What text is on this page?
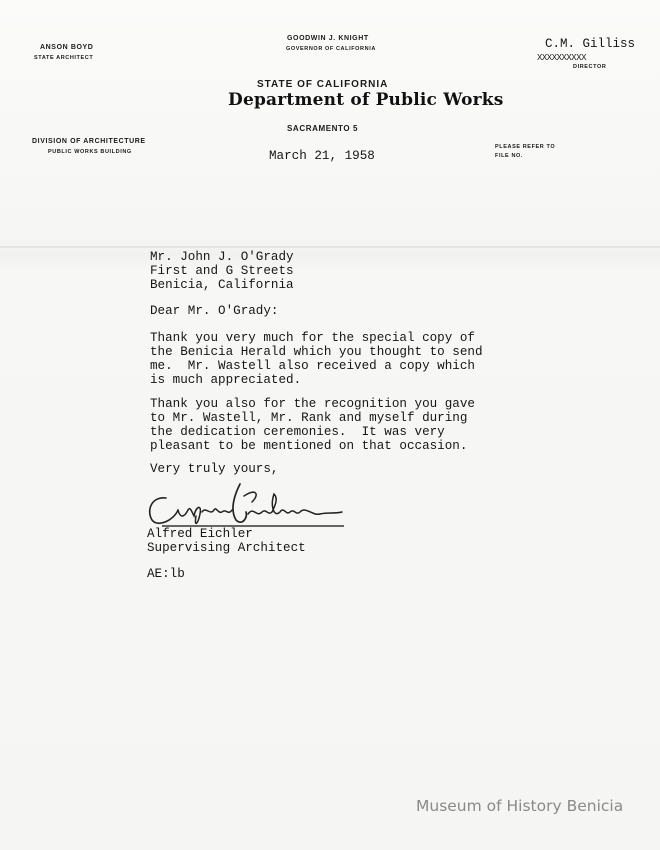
ANSON BOYD
STATE ARCHITECT
GOODWIN J. KNIGHT
GOVERNOR OF CALIFORNIA	C.M. Gilliss
XXXXXXXXXX
DIRECTOR
STATE OF CALIFORNIA
Department of Public Works
SACRAMENTO 5
DIVISION OF ARCHITECTURE
PUBLIC WORKS BUILDING
PLEASE REFER TO
FILE NO.
March 21, 1958
Mr. John J. O'Grady
First and G Streets
Benicia, California
Dear Mr. O'Grady:
Thank you very much for the special copy of
the Benicia Herald which you thought to send
me.  Mr. Wastell also received a copy which
is much appreciated.
Thank you also for the recognition you gave
to Mr. Wastell, Mr. Rank and myself during
the dedication ceremonies.  It was very
pleasant to be mentioned on that occasion.
Very truly yours,
Alfred Eichler
Supervising Architect
AE:lb
Museum of History Benicia
